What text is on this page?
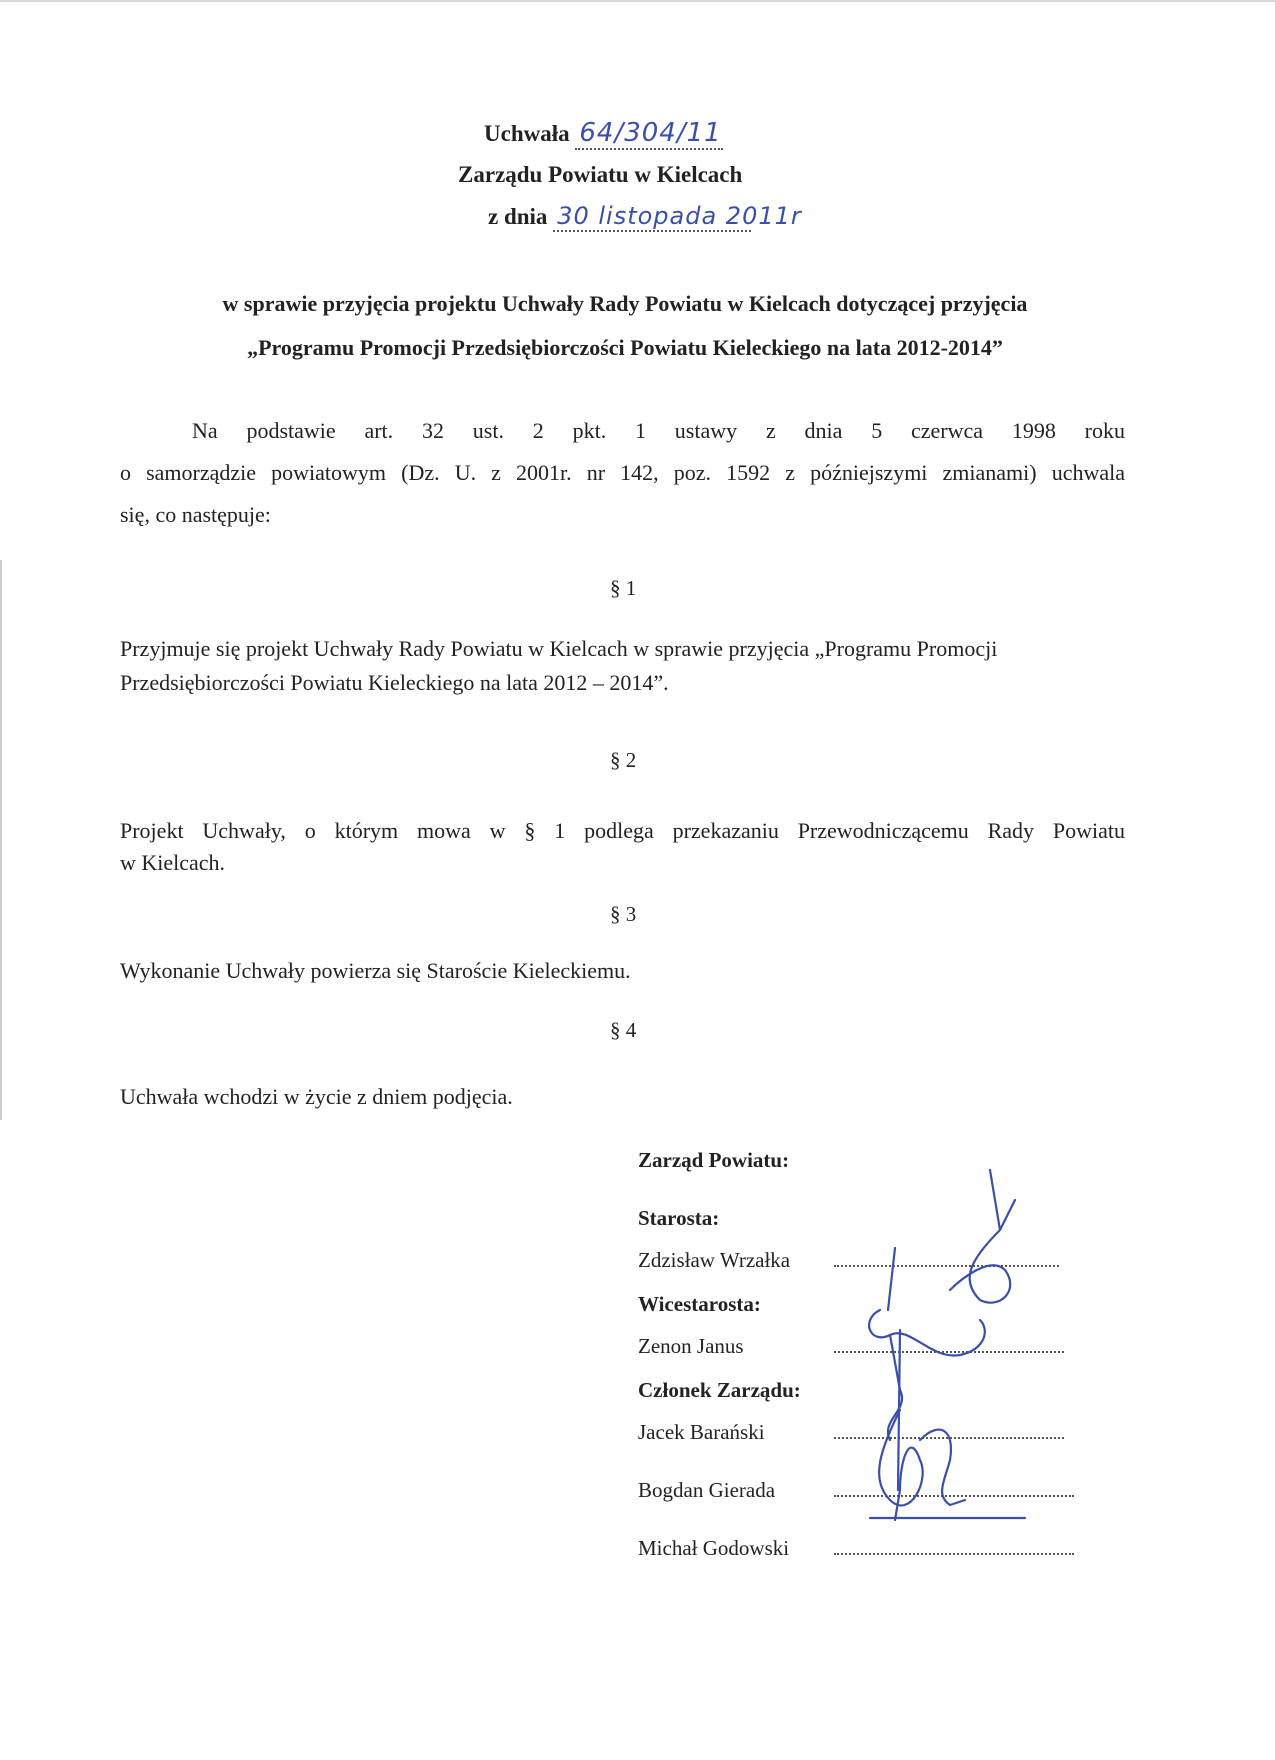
Uchwała 64/304/11
Zarządu Powiatu w Kielcach
z dnia 30 listopada 2011r
w sprawie przyjęcia projektu Uchwały Rady Powiatu w Kielcach dotyczącej przyjęcia
„Programu Promocji Przedsiębiorczości Powiatu Kieleckiego na lata 2012-2014”
Na podstawie art. 32 ust. 2 pkt. 1 ustawy z dnia 5 czerwca 1998 roku
o samorządzie powiatowym (Dz. U. z 2001r. nr 142, poz. 1592 z późniejszymi zmianami) uchwala
się, co następuje:
§ 1
Przyjmuje się projekt Uchwały Rady Powiatu w Kielcach w sprawie przyjęcia „Programu Promocji
Przedsiębiorczości Powiatu Kieleckiego na lata 2012 – 2014”.
§ 2
Projekt Uchwały, o którym mowa w § 1 podlega przekazaniu Przewodniczącemu Rady Powiatu
w Kielcach.
§ 3
Wykonanie Uchwały powierza się Staroście Kieleckiemu.
§ 4
Uchwała wchodzi w życie z dniem podjęcia.
Zarząd Powiatu:
Starosta:
Zdzisław Wrzałka
Wicestarosta:
Zenon Janus
Członek Zarządu:
Jacek Barański
Bogdan Gierada
Michał Godowski
